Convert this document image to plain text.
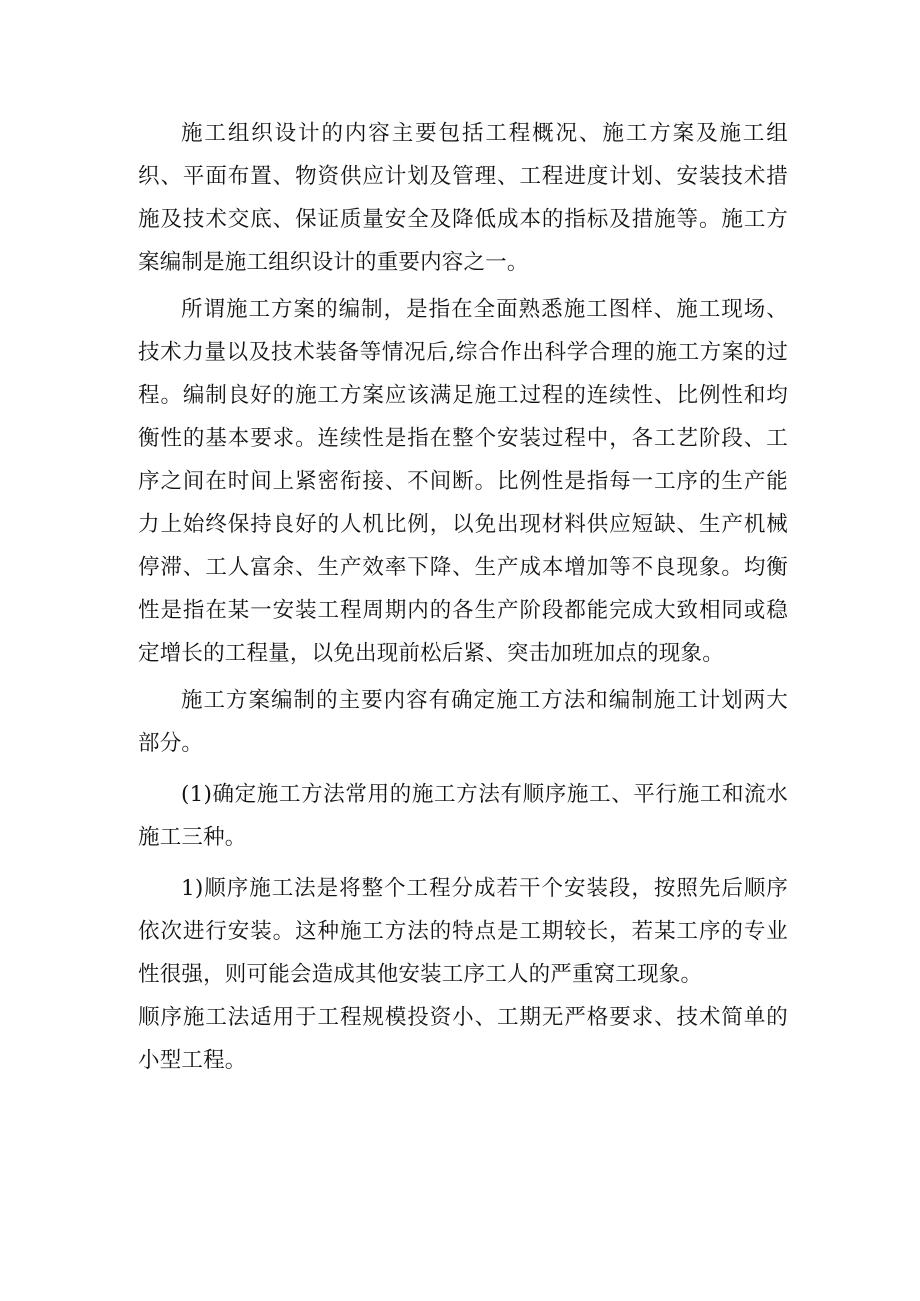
施工组织设计的内容主要包括工程概况、施工方案及施工组织、平面布置、物资供应计划及管理、工程进度计划、安装技术措施及技术交底、保证质量安全及降低成本的指标及措施等。施工方案编制是施工组织设计的重要内容之一。

所谓施工方案的编制，是指在全面熟悉施工图样、施工现场、技术力量以及技术装备等情况后,综合作出科学合理的施工方案的过程。编制良好的施工方案应该满足施工过程的连续性、比例性和均衡性的基本要求。连续性是指在整个安装过程中，各工艺阶段、工序之间在时间上紧密衔接、不间断。比例性是指每一工序的生产能力上始终保持良好的人机比例，以免出现材料供应短缺、生产机械停滞、工人富余、生产效率下降、生产成本增加等不良现象。均衡性是指在某一安装工程周期内的各生产阶段都能完成大致相同或稳定增长的工程量，以免出现前松后紧、突击加班加点的现象。

施工方案编制的主要内容有确定施工方法和编制施工计划两大部分。

(1)确定施工方法常用的施工方法有顺序施工、平行施工和流水施工三种。

1)顺序施工法是将整个工程分成若干个安装段，按照先后顺序依次进行安装。这种施工方法的特点是工期较长，若某工序的专业性很强，则可能会造成其他安装工序工人的严重窝工现象。

顺序施工法适用于工程规模投资小、工期无严格要求、技术简单的小型工程。
